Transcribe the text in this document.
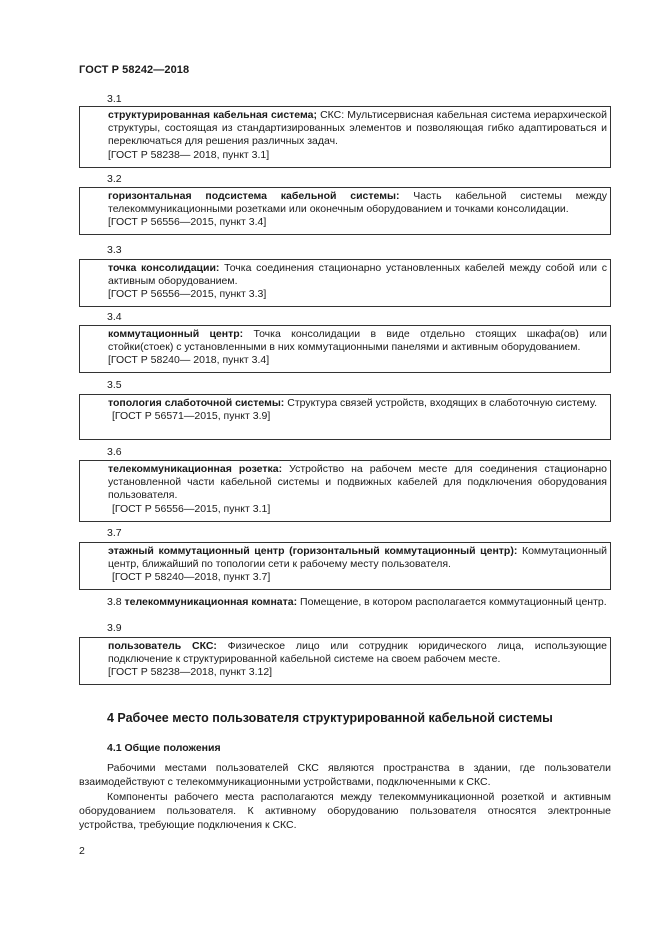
ГОСТ Р 58242—2018
3.1
структурированная кабельная система; СКС: Мультисервисная кабельная система иерархической структуры, состоящая из стандартизированных элементов и позволяющая гибко адаптироваться и переключаться для решения различных задач.
[ГОСТ Р 58238— 2018, пункт 3.1]
3.2
горизонтальная подсистема кабельной системы: Часть кабельной системы между телекоммуникационными розетками или оконечным оборудованием и точками консолидации.
[ГОСТ Р 56556—2015, пункт 3.4]
3.3
точка консолидации: Точка соединения стационарно установленных кабелей между собой или с активным оборудованием.
[ГОСТ Р 56556—2015, пункт 3.3]
3.4
коммутационный центр: Точка консолидации в виде отдельно стоящих шкафа(ов) или стойки(стоек) с установленными в них коммутационными панелями и активным оборудованием.
[ГОСТ Р 58240— 2018, пункт 3.4]
3.5
топология слаботочной системы: Структура связей устройств, входящих в слаботочную систему.
[ГОСТ Р 56571—2015, пункт 3.9]
3.6
телекоммуникационная розетка: Устройство на рабочем месте для соединения стационарно установленной части кабельной системы и подвижных кабелей для подключения оборудования пользователя.
[ГОСТ Р 56556—2015, пункт 3.1]
3.7
этажный коммутационный центр (горизонтальный коммутационный центр): Коммутационный центр, ближайший по топологии сети к рабочему месту пользователя.
[ГОСТ Р 58240—2018, пункт 3.7]
3.8 телекоммуникационная комната: Помещение, в котором располагается коммутационный центр.
3.9
пользователь СКС: Физическое лицо или сотрудник юридического лица, использующие подключение к структурированной кабельной системе на своем рабочем месте.
[ГОСТ Р 58238—2018, пункт 3.12]
4 Рабочее место пользователя структурированной кабельной системы
4.1 Общие положения
Рабочими местами пользователей СКС являются пространства в здании, где пользователи взаимодействуют с телекоммуникационными устройствами, подключенными к СКС.
Компоненты рабочего места располагаются между телекоммуникационной розеткой и активным оборудованием пользователя. К активному оборудованию пользователя относятся электронные устройства, требующие подключения к СКС.
2
